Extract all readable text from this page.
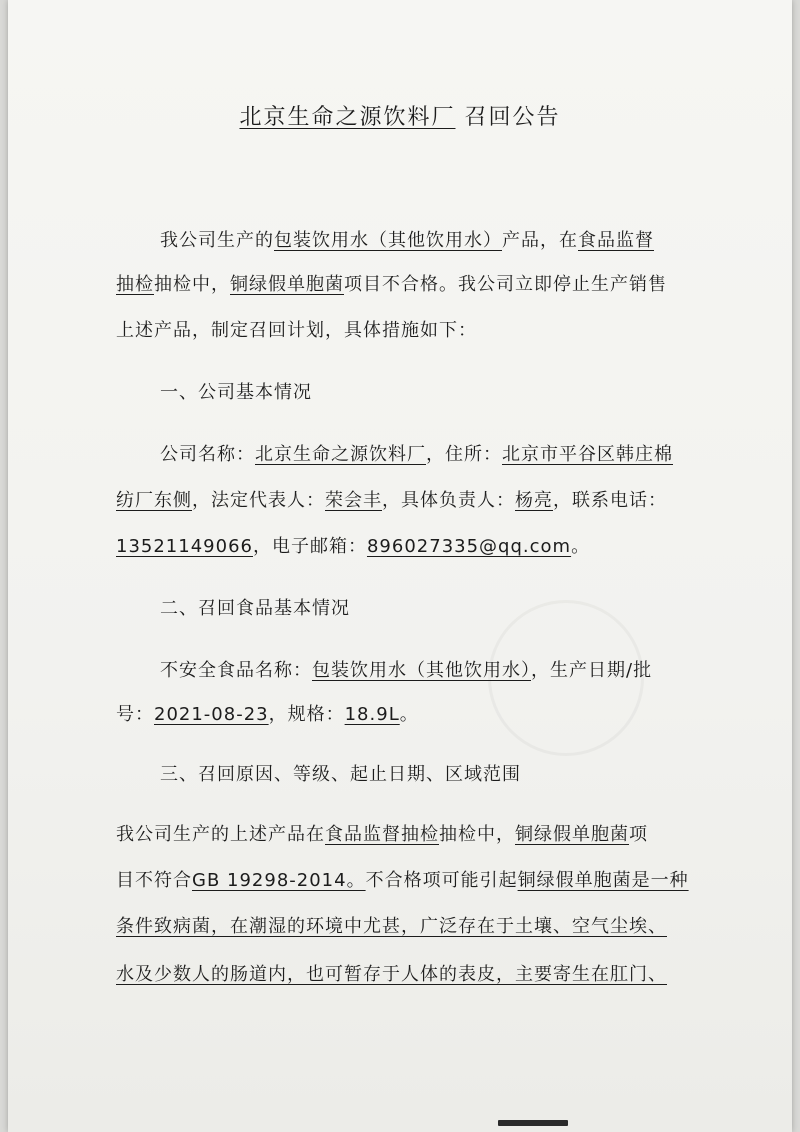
北京生命之源饮料厂 召回公告
我公司生产的包装饮用水（其他饮用水）产品，在食品监督
抽检抽检中，铜绿假单胞菌项目不合格。我公司立即停止生产销售
上述产品，制定召回计划，具体措施如下：
一、公司基本情况
公司名称：北京生命之源饮料厂，住所：北京市平谷区韩庄棉
纺厂东侧，法定代表人：荣会丰，具体负责人：杨亮，联系电话：
13521149066，电子邮箱：896027335@qq.com。
二、召回食品基本情况
不安全食品名称：包装饮用水（其他饮用水），生产日期/批
号：2021-08-23，规格：18.9L。
三、召回原因、等级、起止日期、区域范围
我公司生产的上述产品在食品监督抽检抽检中，铜绿假单胞菌项
目不符合GB 19298-2014。不合格项可能引起铜绿假单胞菌是一种
条件致病菌，在潮湿的环境中尤甚，广泛存在于土壤、空气尘埃、
水及少数人的肠道内，也可暂存于人体的表皮，主要寄生在肛门、
